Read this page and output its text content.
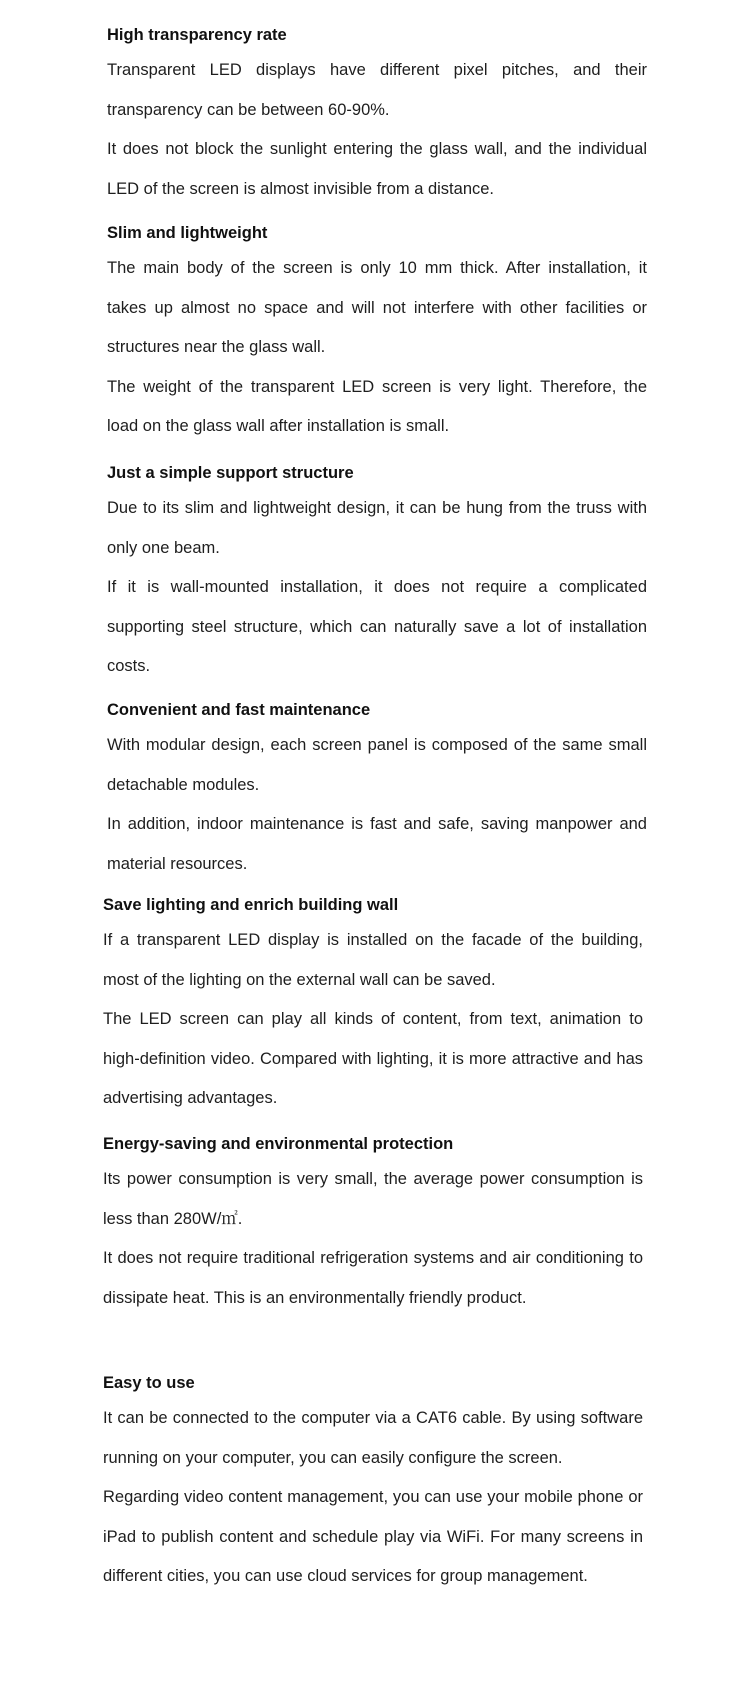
High transparency rate

Transparent LED displays have different pixel pitches, and their transparency can be between 60-90%.

It does not block the sunlight entering the glass wall, and the individual LED of the screen is almost invisible from a distance.

Slim and lightweight

The main body of the screen is only 10 mm thick. After installation, it takes up almost no space and will not interfere with other facilities or structures near the glass wall.

The weight of the transparent LED screen is very light. Therefore, the load on the glass wall after installation is small.

Just a simple support structure

Due to its slim and lightweight design, it can be hung from the truss with only one beam.

If it is wall-mounted installation, it does not require a complicated supporting steel structure, which can naturally save a lot of installation costs.

Convenient and fast maintenance

With modular design, each screen panel is composed of the same small detachable modules.

In addition, indoor maintenance is fast and safe, saving manpower and material resources.

Save lighting and enrich building wall

If a transparent LED display is installed on the facade of the building, most of the lighting on the external wall can be saved.

The LED screen can play all kinds of content, from text, animation to high-definition video. Compared with lighting, it is more attractive and has advertising advantages.

Energy-saving and environmental protection

Its power consumption is very small, the average power consumption is less than 280W/㎡.

It does not require traditional refrigeration systems and air conditioning to dissipate heat. This is an environmentally friendly product.

Easy to use

It can be connected to the computer via a CAT6 cable. By using software running on your computer, you can easily configure the screen.

Regarding video content management, you can use your mobile phone or iPad to publish content and schedule play via WiFi. For many screens in different cities, you can use cloud services for group management.
